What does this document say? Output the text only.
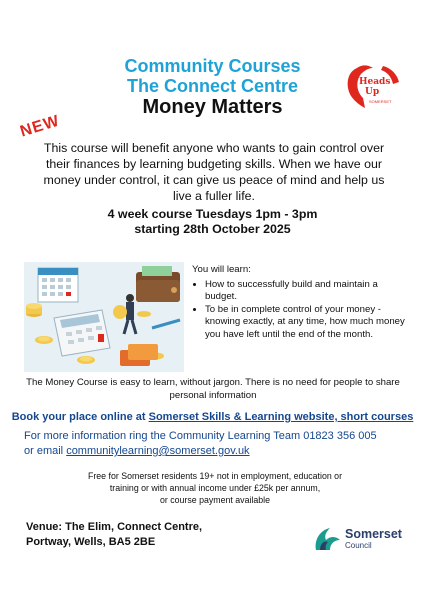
Community Courses
The Connect Centre
Money Matters
NEW
Heads
Up
SOMERSET
This course will benefit anyone who wants to gain control over their finances by learning budgeting skills. When we have our money under control, it can give us peace of mind and help us live a fuller life.
4 week course Tuesdays 1pm - 3pm
starting 28th October 2025
You will learn:
• How to successfully build and maintain a budget.
• To be in complete control of your money - knowing exactly, at any time, how much money you have left until the end of the month.
The Money Course is easy to learn, without jargon. There is no need for people to share personal information
Book your place online at Somerset Skills & Learning website, short courses
For more information ring the Community Learning Team 01823 356 005
or email communitylearning@somerset.gov.uk
Free for Somerset residents 19+ not in employment, education or
training or with annual income under £25k per annum,
or course payment available
Venue: The Elim, Connect Centre,
Portway, Wells, BA5 2BE
Somerset
Council
